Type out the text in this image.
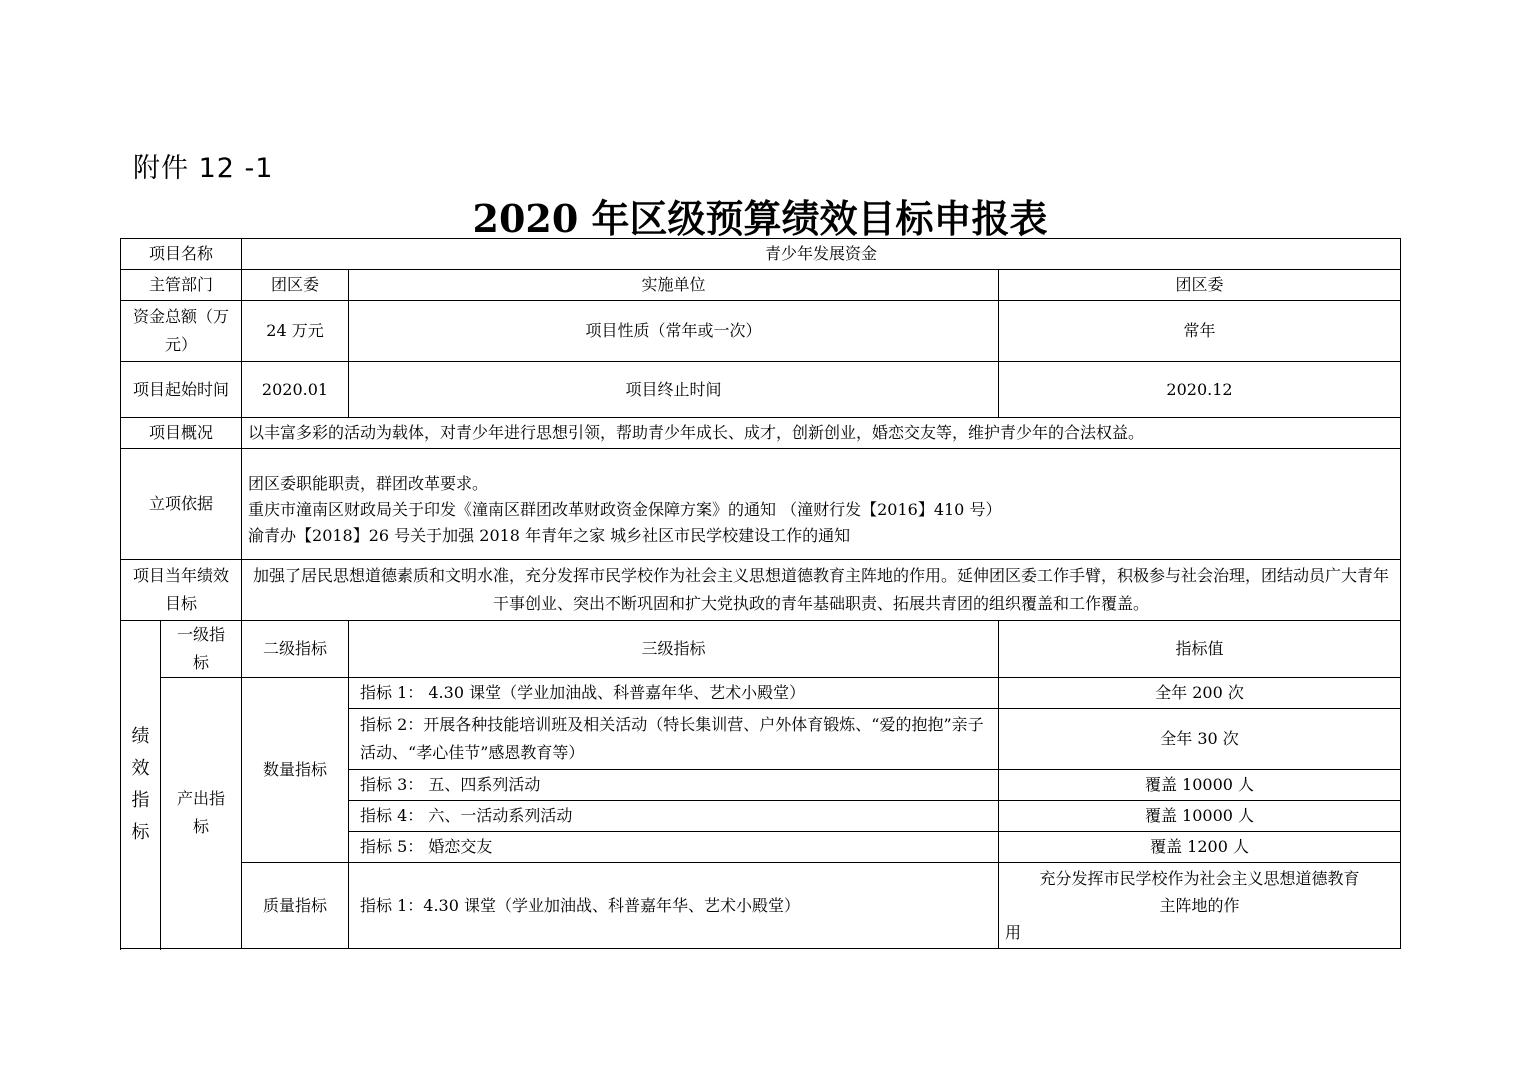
附件 12 -1
2020 年区级预算绩效目标申报表
项目名称		青少年发展资金		
主管部门		团区委	实施单位	团区委
资金总额（万元）		24 万元	项目性质（常年或一次）	常年
项目起始时间		2020.01	项目终止时间	2020.12
项目概况		以丰富多彩的活动为载体，对青少年进行思想引领，帮助青少年成长、成才，创新创业，婚恋交友等，维护青少年的合法权益。		
立项依据		团区委职能职责，群团改革要求。
重庆市潼南区财政局关于印发《潼南区群团改革财政资金保障方案》的通知 （潼财行发【2016】410 号）
渝青办【2018】26 号关于加强 2018 年青年之家 城乡社区市民学校建设工作的通知		

项目当年绩效目标		加强了居民思想道德素质和文明水准，充分发挥市民学校作为社会主义思想道德教育主阵地的作用。延伸团区委工作手臂，积极参与社会治理，团结动员广大青年干事创业、突出不断巩固和扩大党执政的青年基础职责、拓展共青团的组织覆盖和工作覆盖。		

绩效指标	一级指标	二级指标	三级指标	指标值
	产出指标	数量指标	指标 1： 4.30 课堂（学业加油战、科普嘉年华、艺术小殿堂）	全年 200 次
			指标 2：开展各种技能培训班及相关活动（特长集训营、户外体育锻炼、“爱的抱抱”亲子活动、“孝心佳节”感恩教育等）	全年 30 次
			指标 3： 五、四系列活动	覆盖 10000 人
			指标 4： 六、一活动系列活动	覆盖 10000 人
			指标 5： 婚恋交友	覆盖 1200 人
		质量指标	指标 1：4.30 课堂（学业加油战、科普嘉年华、艺术小殿堂）	充分发挥市民学校作为社会主义思想道德教育
主阵地的作
用
